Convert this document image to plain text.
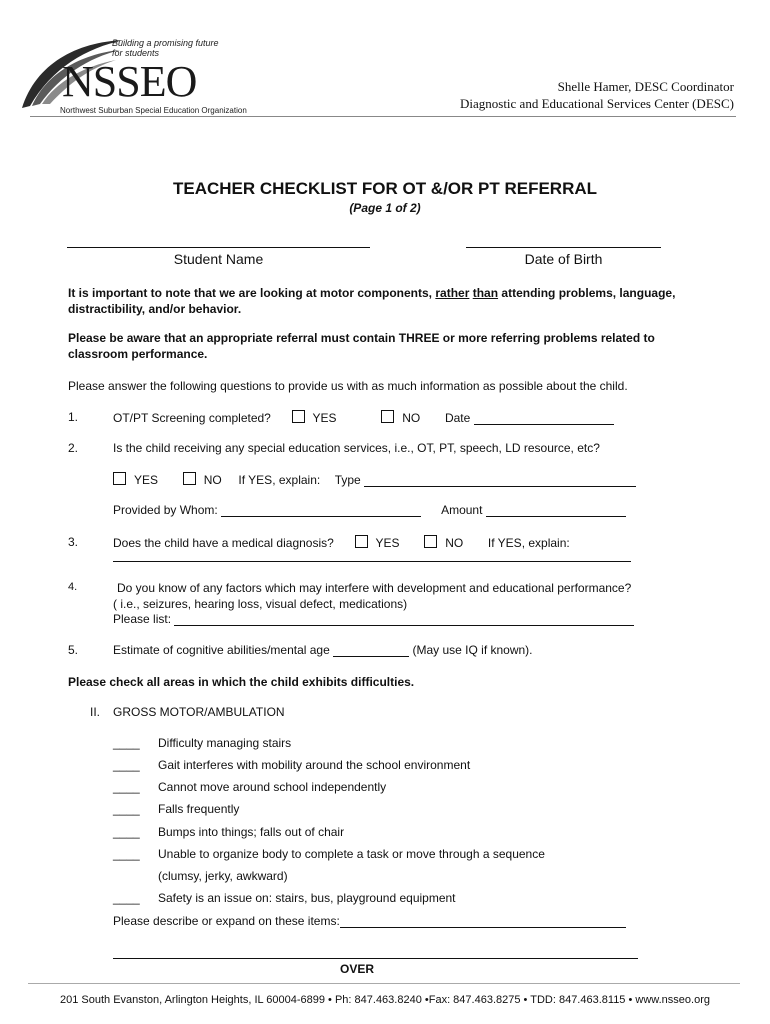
Building a promising future for students
NSSEO
Northwest Suburban Special Education Organization
Shelle Hamer, DESC Coordinator
Diagnostic and Educational Services Center (DESC)
TEACHER CHECKLIST FOR OT &/OR PT REFERRAL
(Page 1 of 2)
Student Name	Date of Birth
It is important to note that we are looking at motor components, rather than attending problems, language, distractibility, and/or behavior.
Please be aware that an appropriate referral must contain THREE or more referring problems related to classroom performance.
Please answer the following questions to provide us with as much information as possible about the child.
1.	OT/PT Screening completed?	YES	NO Date
2.	Is the child receiving any special education services, i.e., OT, PT, speech, LD resource, etc?
YES	NO If YES, explain: Type
Provided by Whom:	Amount
3.	Does the child have a medical diagnosis?	YES	NO If YES, explain:
4.	Do you know of any factors which may interfere with development and educational performance?
( i.e., seizures, hearing loss, visual defect, medications)
Please list:
5.	Estimate of cognitive abilities/mental age	(May use IQ if known).
Please check all areas in which the child exhibits difficulties.
II. GROSS MOTOR/AMBULATION
____ Difficulty managing stairs
____ Gait interferes with mobility around the school environment
____ Cannot move around school independently
____ Falls frequently
____ Bumps into things; falls out of chair
____ Unable to organize body to complete a task or move through a sequence
(clumsy, jerky, awkward)
____ Safety is an issue on: stairs, bus, playground equipment
Please describe or expand on these items:
OVER
201 South Evanston, Arlington Heights, IL 60004-6899 • Ph: 847.463.8240 •Fax: 847.463.8275 • TDD: 847.463.8115 • www.nsseo.org
